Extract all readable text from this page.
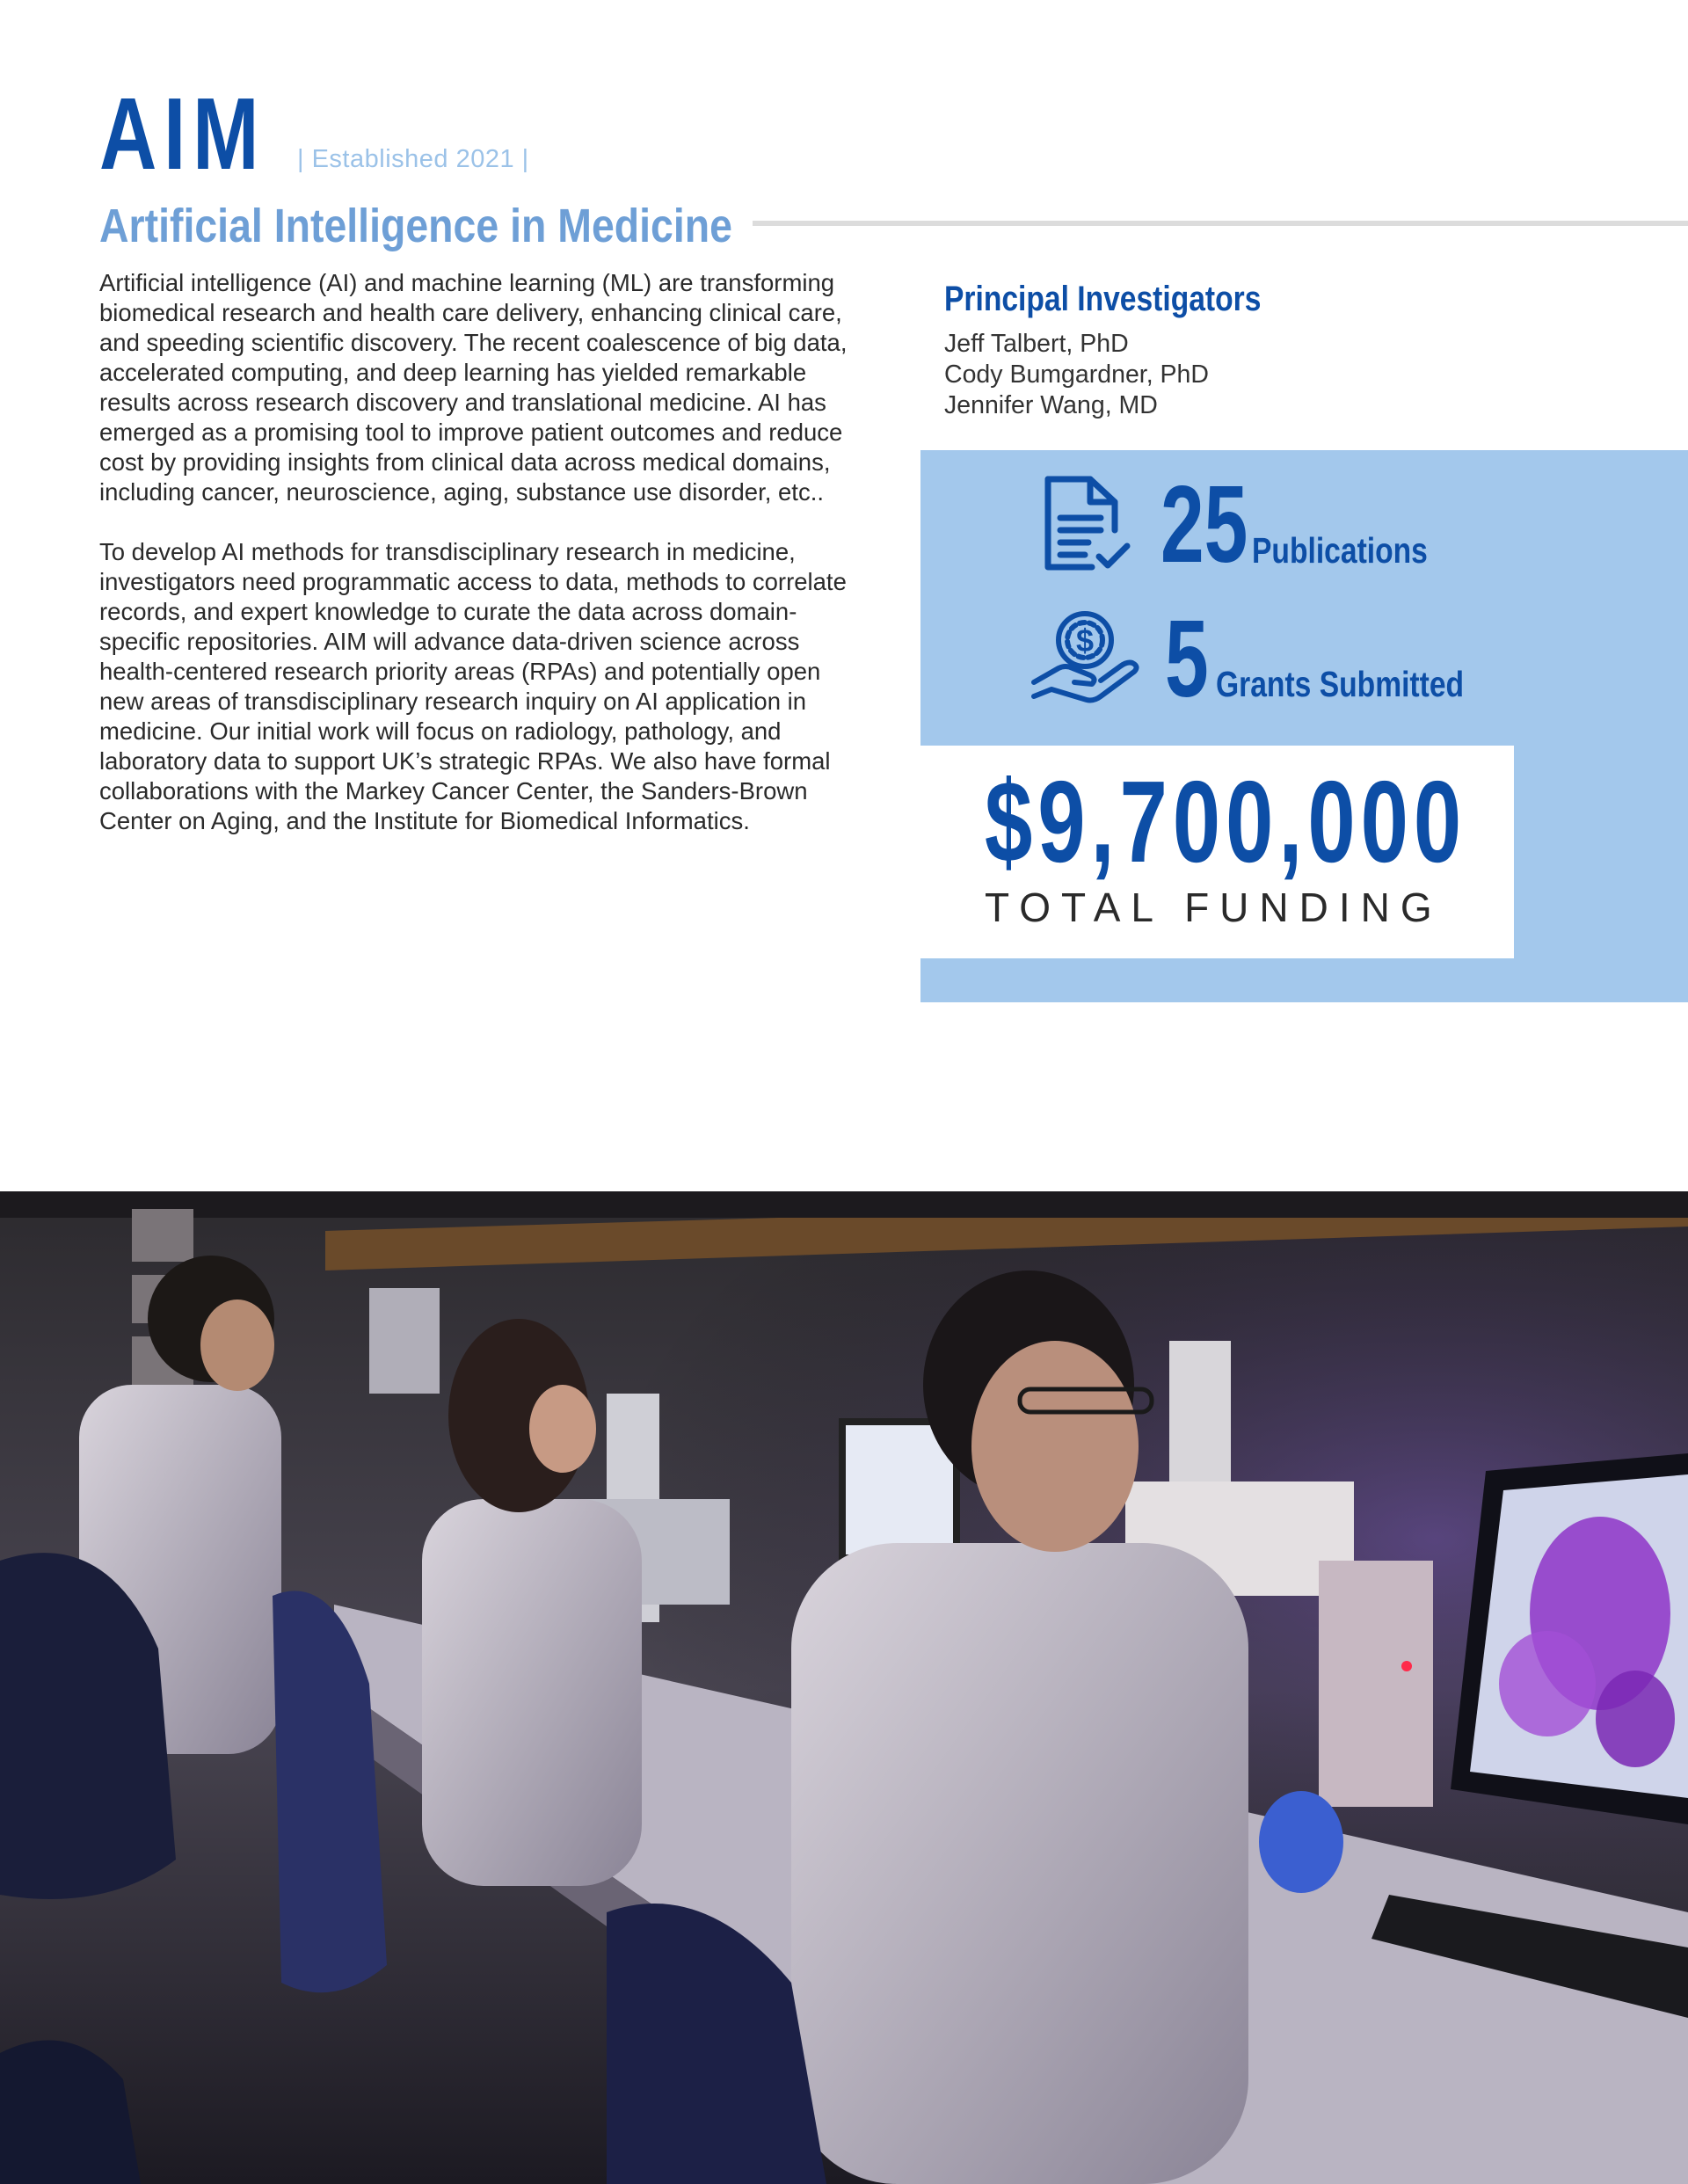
AIM | Established 2021 |
Artificial Intelligence in Medicine

Artificial intelligence (AI) and machine learning (ML) are transforming biomedical research and health care delivery, enhancing clinical care, and speeding scientific discovery. The recent coalescence of big data, accelerated computing, and deep learning has yielded remarkable results across research discovery and translational medicine. AI has emerged as a promising tool to improve patient outcomes and reduce cost by providing insights from clinical data across medical domains, including cancer, neuroscience, aging, substance use disorder, etc..

To develop AI methods for transdisciplinary research in medicine, investigators need programmatic access to data, methods to correlate records, and expert knowledge to curate the data across domain-specific repositories. AIM will advance data-driven science across health-centered research priority areas (RPAs) and potentially open new areas of transdisciplinary research inquiry on AI application in medicine. Our initial work will focus on radiology, pathology, and laboratory data to support UK’s strategic RPAs. We also have formal collaborations with the Markey Cancer Center, the Sanders-Brown Center on Aging, and the Institute for Biomedical Informatics.

Principal Investigators
Jeff Talbert, PhD
Cody Bumgardner, PhD
Jennifer Wang, MD
25 Publications
$ 5 Grants Submitted
$9,700,000
TOTAL FUNDING
